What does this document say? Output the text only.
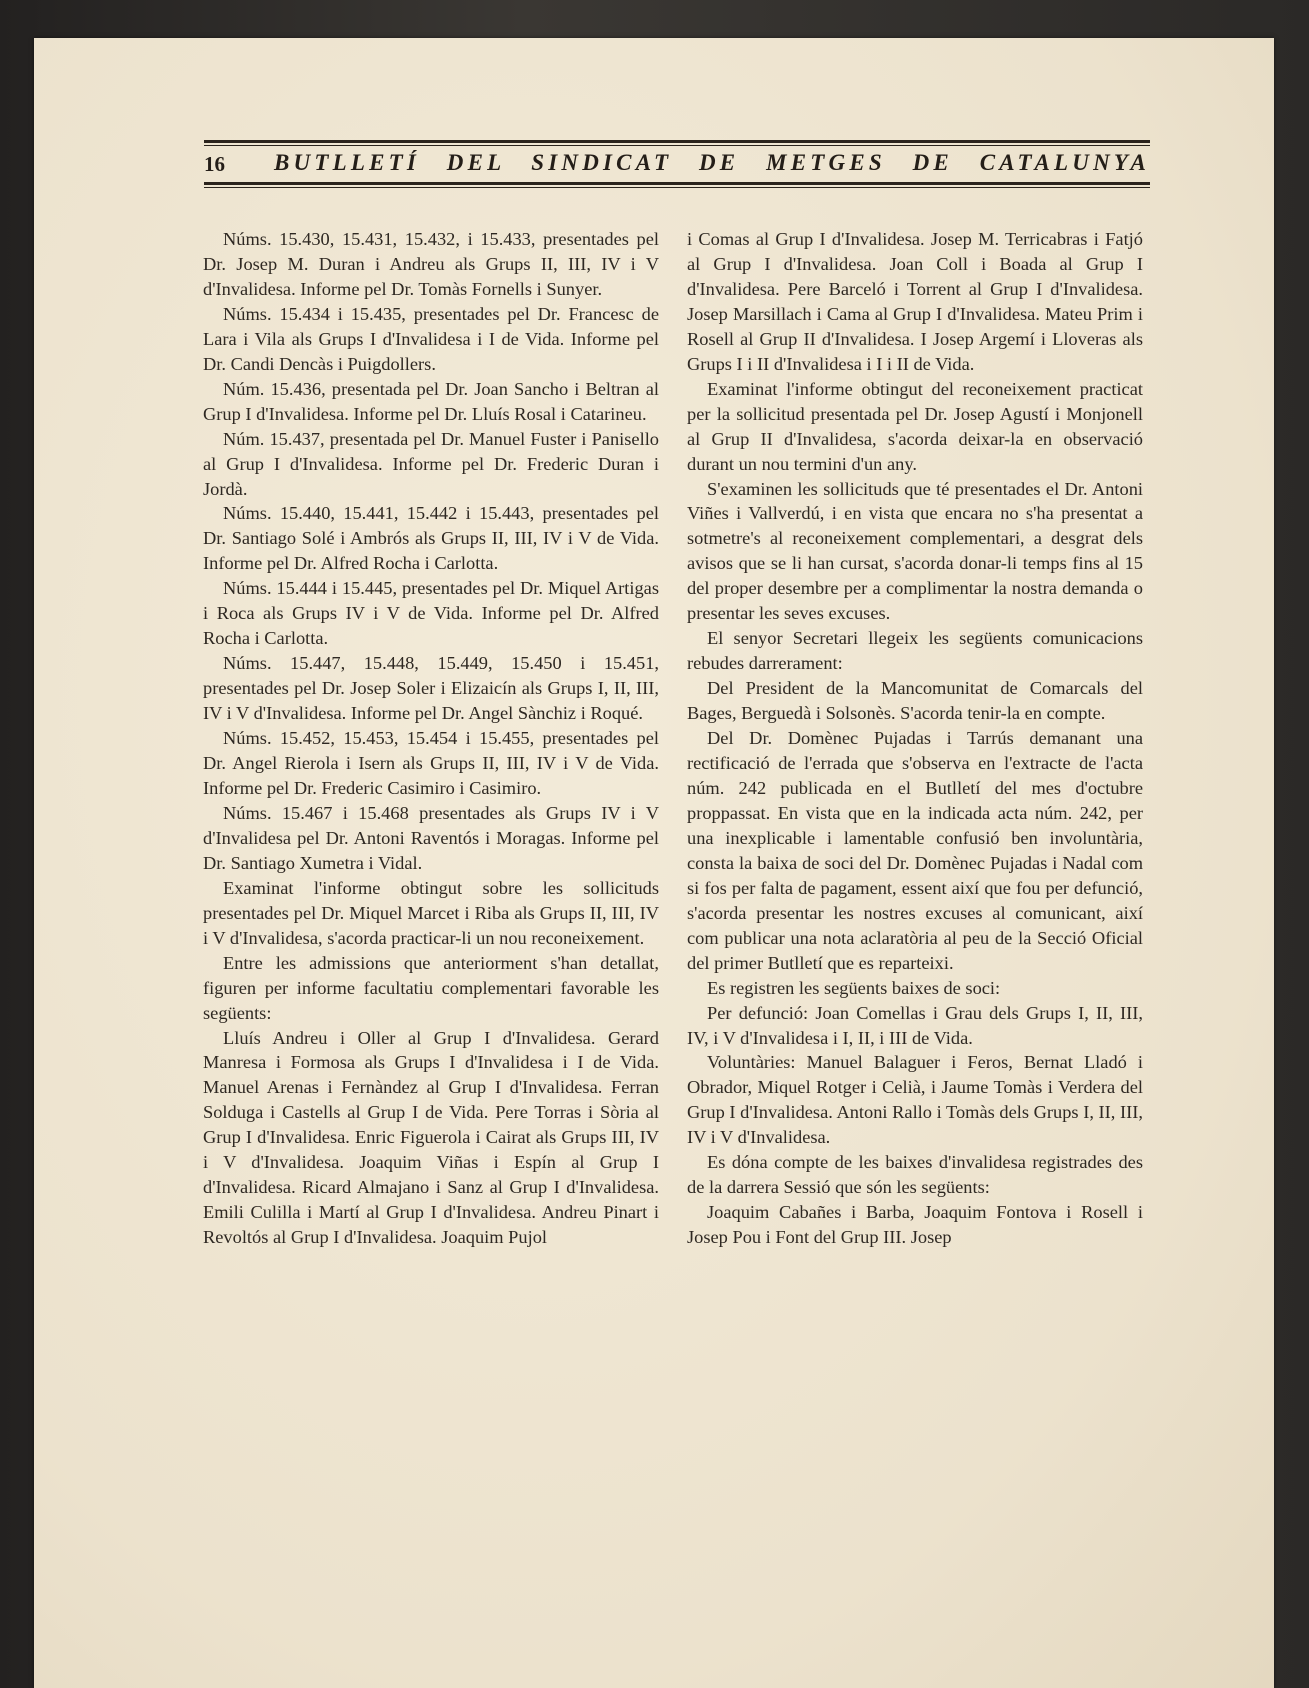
16 BUTLLETÍ DEL SINDICAT DE METGES DE CATALUNYA

Núms. 15.430, 15.431, 15.432, i 15.433, presentades pel Dr. Josep M. Duran i Andreu als Grups II, III, IV i V d'Invalidesa. Informe pel Dr. Tomàs Fornells i Sunyer.

Núms. 15.434 i 15.435, presentades pel Dr. Francesc de Lara i Vila als Grups I d'Invalidesa i I de Vida. Informe pel Dr. Candi Dencàs i Puigdollers.

Núm. 15.436, presentada pel Dr. Joan Sancho i Beltran al Grup I d'Invalidesa. Informe pel Dr. Lluís Rosal i Catarineu.

Núm. 15.437, presentada pel Dr. Manuel Fuster i Panisello al Grup I d'Invalidesa. Informe pel Dr. Frederic Duran i Jordà.

Núms. 15.440, 15.441, 15.442 i 15.443, presentades pel Dr. Santiago Solé i Ambrós als Grups II, III, IV i V de Vida. Informe pel Dr. Alfred Rocha i Carlotta.

Núms. 15.444 i 15.445, presentades pel Dr. Miquel Artigas i Roca als Grups IV i V de Vida. Informe pel Dr. Alfred Rocha i Carlotta.

Núms. 15.447, 15.448, 15.449, 15.450 i 15.451, presentades pel Dr. Josep Soler i Elizaicín als Grups I, II, III, IV i V d'Invalidesa. Informe pel Dr. Angel Sànchiz i Roqué.

Núms. 15.452, 15.453, 15.454 i 15.455, presentades pel Dr. Angel Rierola i Isern als Grups II, III, IV i V de Vida. Informe pel Dr. Frederic Casimiro i Casimiro.

Núms. 15.467 i 15.468 presentades als Grups IV i V d'Invalidesa pel Dr. Antoni Raventós i Moragas. Informe pel Dr. Santiago Xumetra i Vidal.

Examinat l'informe obtingut sobre les sollicituds presentades pel Dr. Miquel Marcet i Riba als Grups II, III, IV i V d'Invalidesa, s'acorda practicar-li un nou reconeixement.

Entre les admissions que anteriorment s'han detallat, figuren per informe facultatiu complementari favorable les següents:

Lluís Andreu i Oller al Grup I d'Invalidesa. Gerard Manresa i Formosa als Grups I d'Invalidesa i I de Vida. Manuel Arenas i Fernàndez al Grup I d'Invalidesa. Ferran Solduga i Castells al Grup I de Vida. Pere Torras i Sòria al Grup I d'Invalidesa. Enric Figuerola i Cairat als Grups III, IV i V d'Invalidesa. Joaquim Viñas i Espín al Grup I d'Invalidesa. Ricard Almajano i Sanz al Grup I d'Invalidesa. Emili Culilla i Martí al Grup I d'Invalidesa. Andreu Pinart i Revoltós al Grup I d'Invalidesa. Joaquim Pujol

i Comas al Grup I d'Invalidesa. Josep M. Terricabras i Fatjó al Grup I d'Invalidesa. Joan Coll i Boada al Grup I d'Invalidesa. Pere Barceló i Torrent al Grup I d'Invalidesa. Josep Marsillach i Cama al Grup I d'Invalidesa. Mateu Prim i Rosell al Grup II d'Invalidesa. I Josep Argemí i Lloveras als Grups I i II d'Invalidesa i I i II de Vida.

Examinat l'informe obtingut del reconeixement practicat per la sollicitud presentada pel Dr. Josep Agustí i Monjonell al Grup II d'Invalidesa, s'acorda deixar-la en observació durant un nou termini d'un any.

S'examinen les sollicituds que té presentades el Dr. Antoni Viñes i Vallverdú, i en vista que encara no s'ha presentat a sotmetre's al reconeixement complementari, a desgrat dels avisos que se li han cursat, s'acorda donar-li temps fins al 15 del proper desembre per a complimentar la nostra demanda o presentar les seves excuses.

El senyor Secretari llegeix les següents comunicacions rebudes darrerament:

Del President de la Mancomunitat de Comarcals del Bages, Berguedà i Solsonès. S'acorda tenir-la en compte.

Del Dr. Domènec Pujadas i Tarrús demanant una rectificació de l'errada que s'observa en l'extracte de l'acta núm. 242 publicada en el Butlletí del mes d'octubre proppassat. En vista que en la indicada acta núm. 242, per una inexplicable i lamentable confusió ben involuntària, consta la baixa de soci del Dr. Domènec Pujadas i Nadal com si fos per falta de pagament, essent així que fou per defunció, s'acorda presentar les nostres excuses al comunicant, així com publicar una nota aclaratòria al peu de la Secció Oficial del primer Butlletí que es reparteixi.

Es registren les següents baixes de soci:

Per defunció: Joan Comellas i Grau dels Grups I, II, III, IV, i V d'Invalidesa i I, II, i III de Vida.

Voluntàries: Manuel Balaguer i Feros, Bernat Lladó i Obrador, Miquel Rotger i Celià, i Jaume Tomàs i Verdera del Grup I d'Invalidesa. Antoni Rallo i Tomàs dels Grups I, II, III, IV i V d'Invalidesa.

Es dóna compte de les baixes d'invalidesa registrades des de la darrera Sessió que són les següents:

Joaquim Cabañes i Barba, Joaquim Fontova i Rosell i Josep Pou i Font del Grup III. Josep
